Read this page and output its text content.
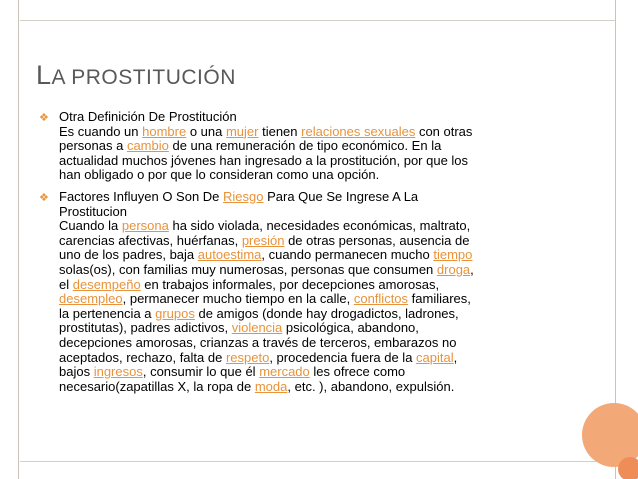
LA PROSTITUCIÓN
❖ Otra Definición De Prostitución
Es cuando un hombre o una mujer tienen relaciones sexuales con otras
personas a cambio de una remuneración de tipo económico. En la
actualidad muchos jóvenes han ingresado a la prostitución, por que los
han obligado o por que lo consideran como una opción.
❖ Factores Influyen O Son De Riesgo Para Que Se Ingrese A La
Prostitucion
Cuando la persona ha sido violada, necesidades económicas, maltrato,
carencias afectivas, huérfanas, presión de otras personas, ausencia de
uno de los padres, baja autoestima, cuando permanecen mucho tiempo
solas(os), con familias muy numerosas, personas que consumen droga,
el desempeño en trabajos informales, por decepciones amorosas,
desempleo, permanecer mucho tiempo en la calle, conflictos familiares,
la pertenencia a grupos de amigos (donde hay drogadictos, ladrones,
prostitutas), padres adictivos, violencia psicológica, abandono,
decepciones amorosas, crianzas a través de terceros, embarazos no
aceptados, rechazo, falta de respeto, procedencia fuera de la capital,
bajos ingresos, consumir lo que él mercado les ofrece como
necesario(zapatillas X, la ropa de moda, etc. ), abandono, expulsión.
